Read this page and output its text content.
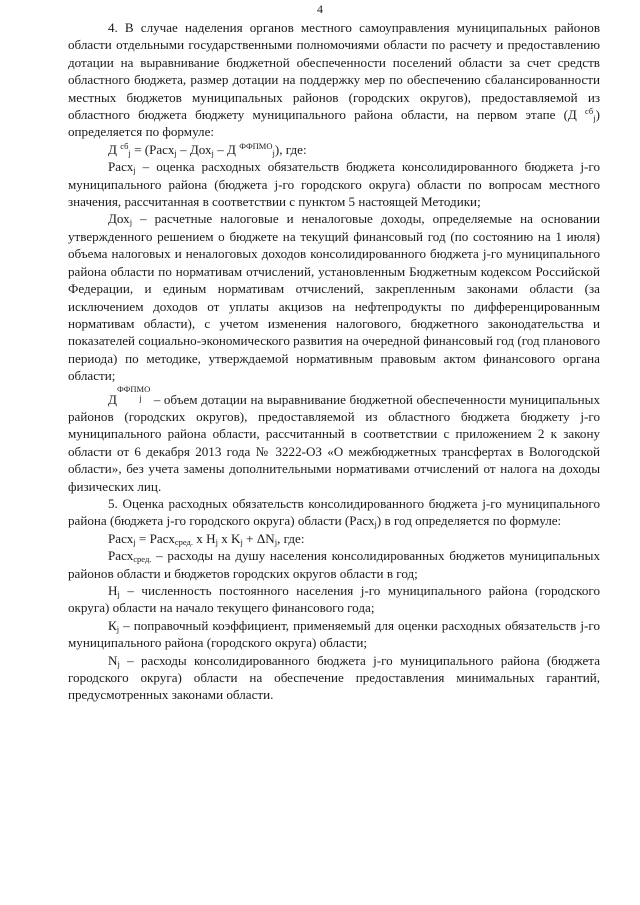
4

4. В случае наделения органов местного самоуправления муниципальных районов области отдельными государственными полномочиями области по расчету и предоставлению дотации на выравнивание бюджетной обеспеченности поселений области за счет средств областного бюджета, размер дотации на поддержку мер по обеспечению сбалансированности местных бюджетов муниципальных районов (городских округов), предоставляемой из областного бюджета бюджету муниципального района области, на первом этапе (Д $^{сб}_j$) определяется по формуле:

Д $^{сб}_j$ = (Расх$_j$ – Дох$_j$ – Д $^{ФФПМО}_j$), где:

Расх$_j$ – оценка расходных обязательств бюджета консолидированного бюджета j-го муниципального района (бюджета j-го городского округа) области по вопросам местного значения, рассчитанная в соответствии с пунктом 5 настоящей Методики;

Дох$_j$ – расчетные налоговые и неналоговые доходы, определяемые на основании утвержденного решением о бюджете на текущий финансовый год (по состоянию на 1 июля) объема налоговых и неналоговых доходов консолидированного бюджета j-го муниципального района области по нормативам отчислений, установленным Бюджетным кодексом Российской Федерации, и единым нормативам отчислений, закрепленным законами области (за исключением доходов от уплаты акцизов на нефтепродукты по дифференцированным нормативам области), с учетом изменения налогового, бюджетного законодательства и показателей социально-экономического развития на очередной финансовый год (год планового периода) по методике, утверждаемой нормативным правовым актом финансового органа области;

Д
ФФПМО
j – объем дотации на выравнивание бюджетной обеспеченности муниципальных районов (городских округов), предоставляемой из областного бюджета бюджету j-го муниципального района области, рассчитанный в соответствии с приложением 2 к закону области от 6 декабря 2013 года № 3222-ОЗ «О межбюджетных трансфертах в Вологодской области», без учета замены дополнительными нормативами отчислений от налога на доходы физических лиц.

5. Оценка расходных обязательств консолидированного бюджета j-го муниципального района (бюджета j-го городского округа) области (Расх$_j$) в год определяется по формуле:

Расх$_j$ = Расх$_{сред.}$ x $Н_j$ x $K_j + \Delta N_j$, где:

Расх$_{сред.}$ – расходы на душу населения консолидированных бюджетов муниципальных районов области и бюджетов городских округов области в год;

$Н_j$ – численность постоянного населения j-го муниципального района (городского округа) области на начало текущего финансового года;

$К_j$ – поправочный коэффициент, применяемый для оценки расходных обязательств j-го муниципального района (городского округа) области;

$N_j$ – расходы консолидированного бюджета j-го муниципального района (бюджета городского округа) области на обеспечение предоставления минимальных гарантий, предусмотренных законами области.
